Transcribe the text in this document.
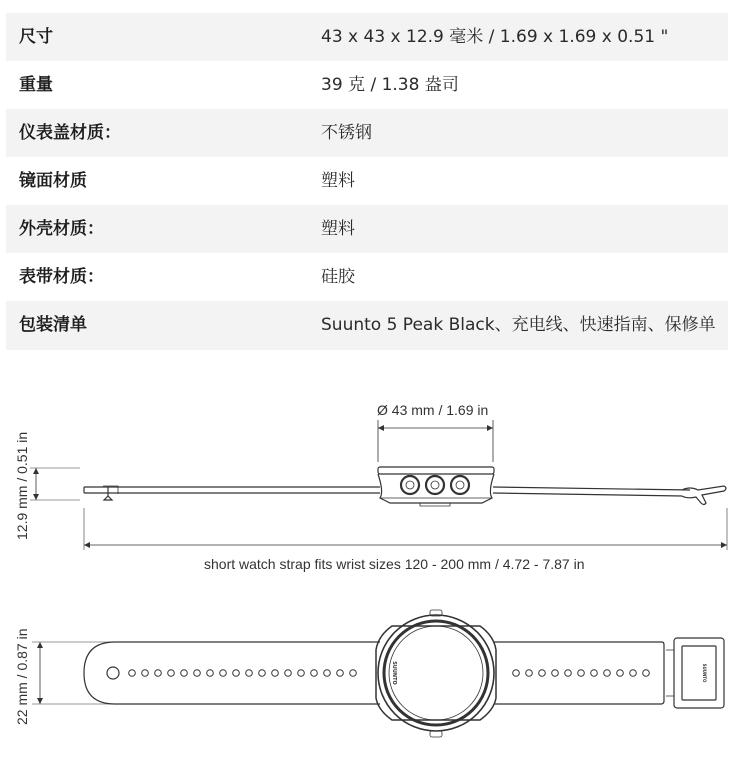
尺寸	43 x 43 x 12.9 毫米 / 1.69 x 1.69 x 0.51 "
重量	39 克 / 1.38 盎司
仪表盖材质：	不锈钢
镜面材质	塑料
外壳材质：	塑料
表带材质：	硅胶
包装清单	Suunto 5 Peak Black、充电线、快速指南、保修单
SUUNTO	SUUNTO
Ø 43 mm / 1.69 in
12.9 mm / 0.51 in
short watch strap fits wrist sizes 120 - 200 mm / 4.72 - 7.87 in
22 mm / 0.87 in
